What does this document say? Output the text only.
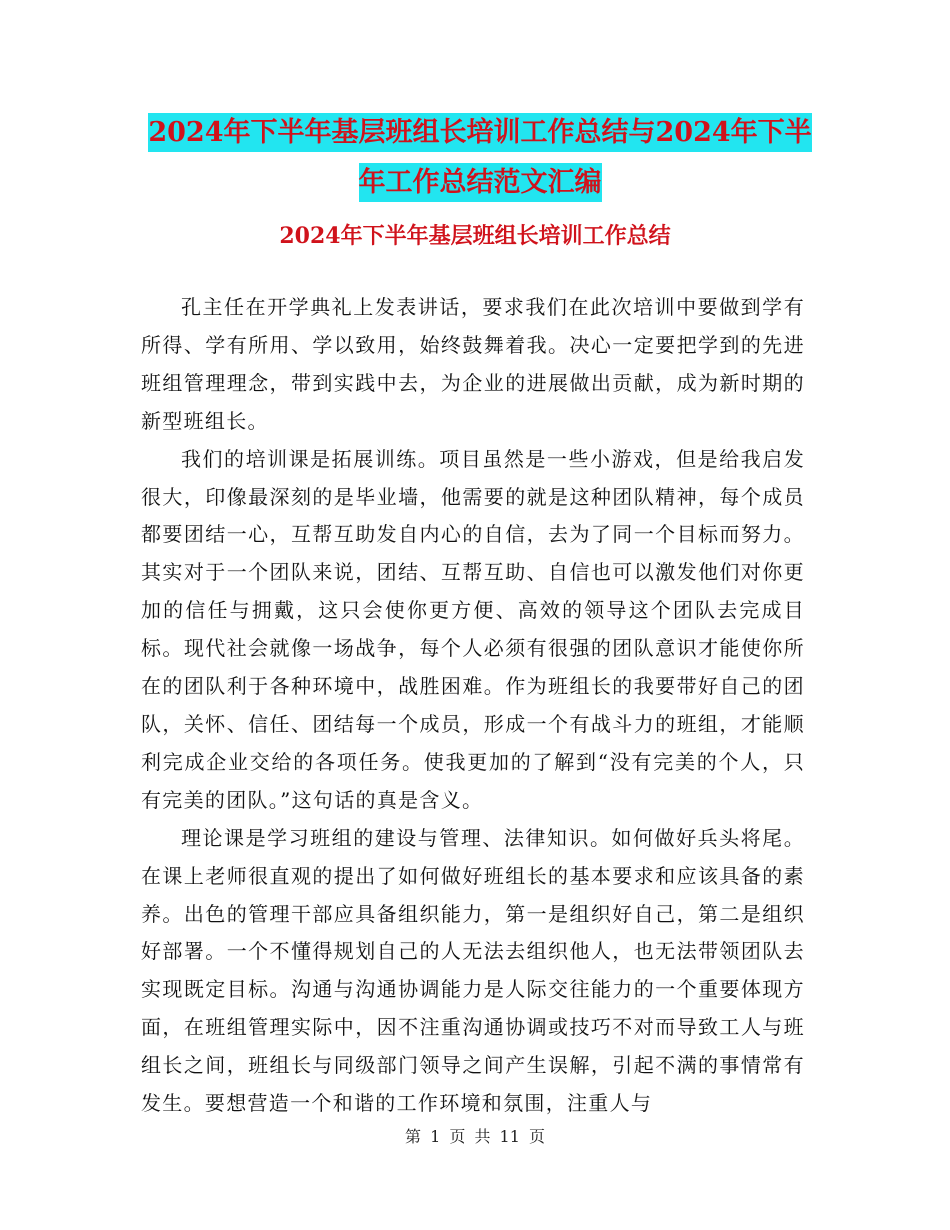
2024年下半年基层班组长培训工作总结与2024年下半年工作总结范文汇编
2024年下半年基层班组长培训工作总结

孔主任在开学典礼上发表讲话，要求我们在此次培训中要做到学有所得、学有所用、学以致用，始终鼓舞着我。决心一定要把学到的先进班组管理理念，带到实践中去，为企业的进展做出贡献，成为新时期的新型班组长。

我们的培训课是拓展训练。项目虽然是一些小游戏，但是给我启发很大，印像最深刻的是毕业墙，他需要的就是这种团队精神，每个成员都要团结一心，互帮互助发自内心的自信，去为了同一个目标而努力。其实对于一个团队来说，团结、互帮互助、自信也可以激发他们对你更加的信任与拥戴，这只会使你更方便、高效的领导这个团队去完成目标。现代社会就像一场战争，每个人必须有很强的团队意识才能使你所在的团队利于各种环境中，战胜困难。作为班组长的我要带好自己的团队，关怀、信任、团结每一个成员，形成一个有战斗力的班组，才能顺利完成企业交给的各项任务。使我更加的了解到“没有完美的个人，只有完美的团队。”这句话的真是含义。

理论课是学习班组的建设与管理、法律知识。如何做好兵头将尾。在课上老师很直观的提出了如何做好班组长的基本要求和应该具备的素养。出色的管理干部应具备组织能力，第一是组织好自己，第二是组织好部署。一个不懂得规划自己的人无法去组织他人，也无法带领团队去实现既定目标。沟通与沟通协调能力是人际交往能力的一个重要体现方面，在班组管理实际中，因不注重沟通协调或技巧不对而导致工人与班组长之间，班组长与同级部门领导之间产生误解，引起不满的事情常有发生。要想营造一个和谐的工作环境和氛围，注重人与

第 1 页 共 11 页
